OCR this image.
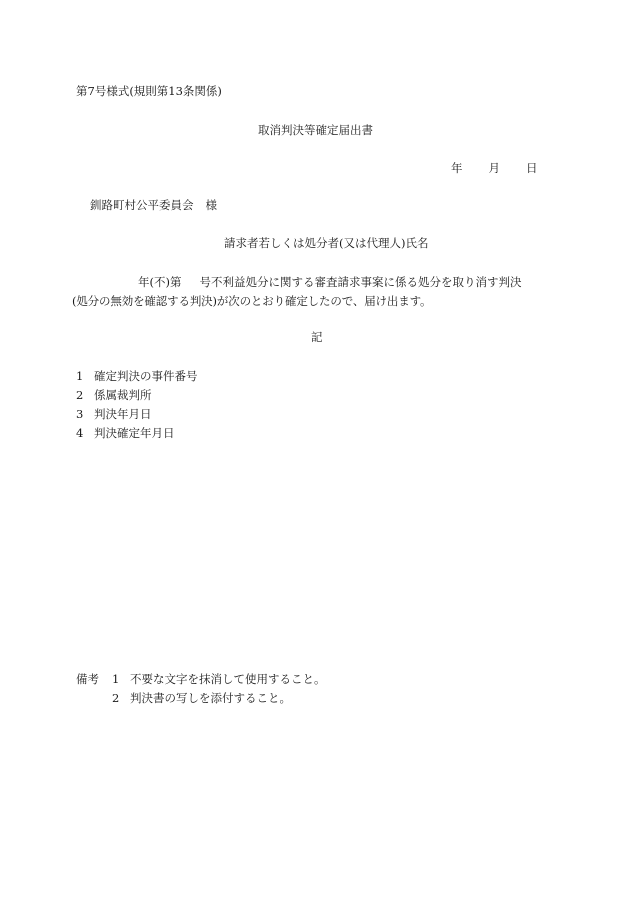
第7号様式(規則第13条関係)
取消判決等確定届出書
年 月 日
釧路町村公平委員会 様
請求者若しくは処分者(又は代理人)氏名
年(不)第 号不利益処分に関する審査請求事案に係る処分を取り消す判決
(処分の無効を確認する判決)が次のとおり確定したので、届け出ます。
記
1 確定判決の事件番号
2 係属裁判所
3 判決年月日
4 判決確定年月日
備考 1 不要な文字を抹消して使用すること。
2 判決書の写しを添付すること。
